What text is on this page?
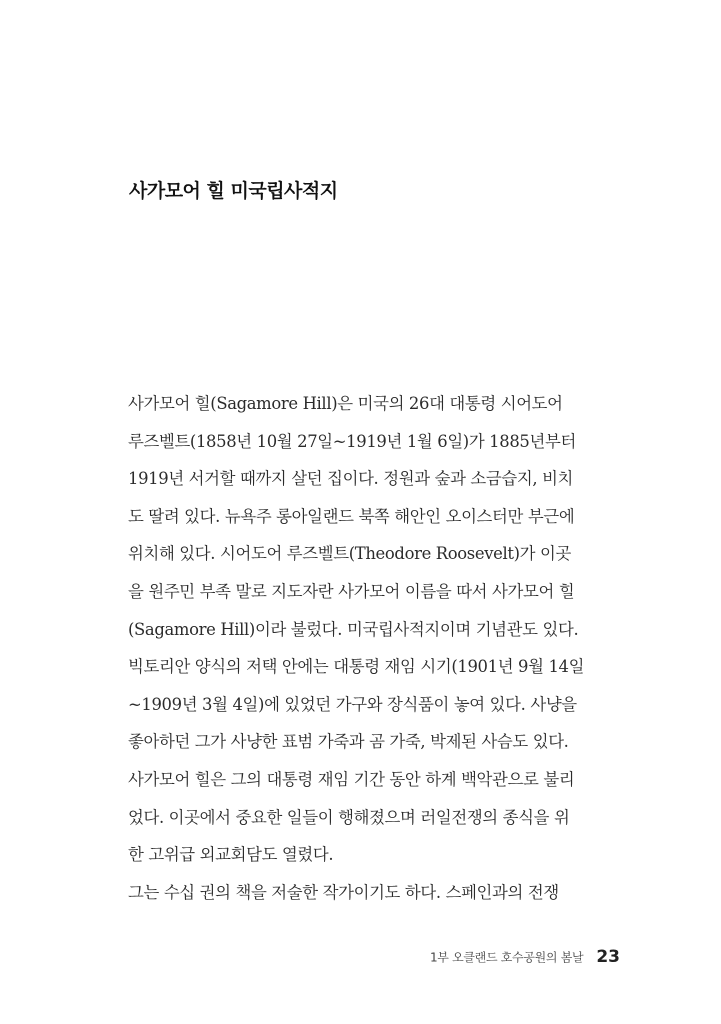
사가모어 힐 미국립사적지
사가모어 힐(Sagamore Hill)은 미국의 26대 대통령 시어도어
루즈벨트(1858년 10월 27일~1919년 1월 6일)가 1885년부터
1919년 서거할 때까지 살던 집이다. 정원과 숲과 소금습지, 비치
도 딸려 있다. 뉴욕주 롱아일랜드 북쪽 해안인 오이스터만 부근에
위치해 있다. 시어도어 루즈벨트(Theodore Roosevelt)가 이곳
을 원주민 부족 말로 지도자란 사가모어 이름을 따서 사가모어 힐
(Sagamore Hill)이라 불렀다. 미국립사적지이며 기념관도 있다.
빅토리안 양식의 저택 안에는 대통령 재임 시기(1901년 9월 14일
~1909년 3월 4일)에 있었던 가구와 장식품이 놓여 있다. 사냥을
좋아하던 그가 사냥한 표범 가죽과 곰 가죽, 박제된 사슴도 있다.
사가모어 힐은 그의 대통령 재임 기간 동안 하계 백악관으로 불리
었다. 이곳에서 중요한 일들이 행해졌으며 러일전쟁의 종식을 위
한 고위급 외교회담도 열렸다.
그는 수십 권의 책을 저술한 작가이기도 하다. 스페인과의 전쟁
1부 오클랜드 호수공원의 봄날 23
